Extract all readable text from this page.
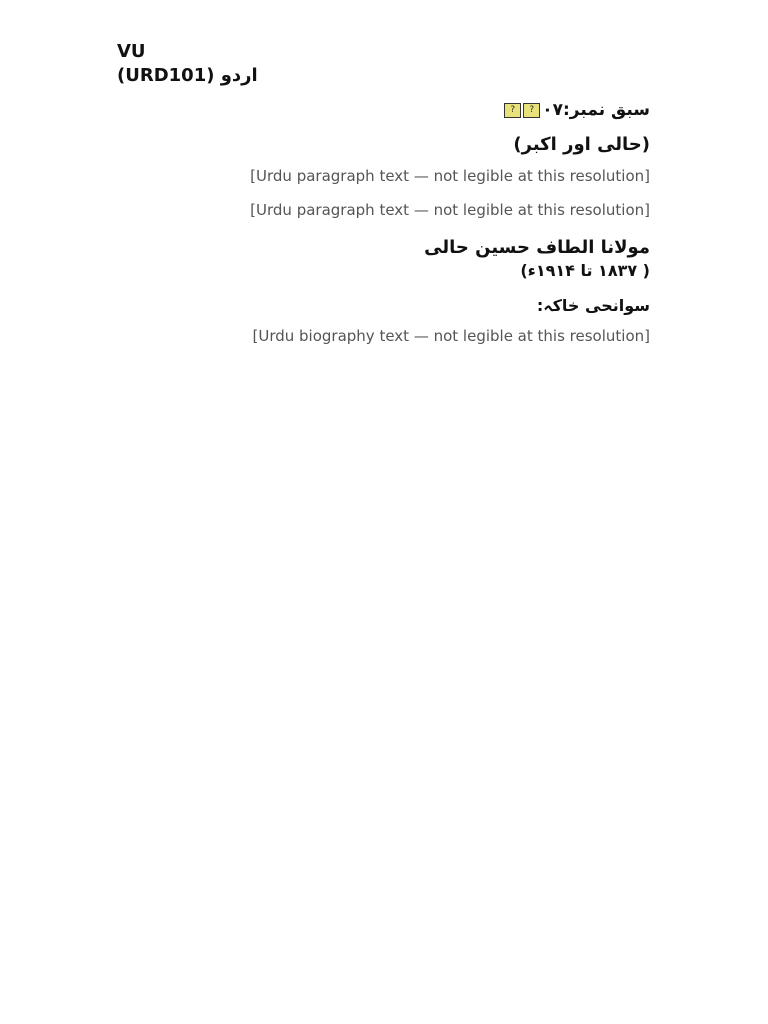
VU
(URD101) اردو
سبق نمبر:۰۷
?
?
(حالی اور اکبر)

[Urdu paragraph text — not legible at this resolution]

[Urdu paragraph text — not legible at this resolution]

مولانا الطاف حسین حالی
( ۱۸۳۷ تا ۱۹۱۴ء)
سوانحی خاکہ:

[Urdu biography text — not legible at this resolution]
